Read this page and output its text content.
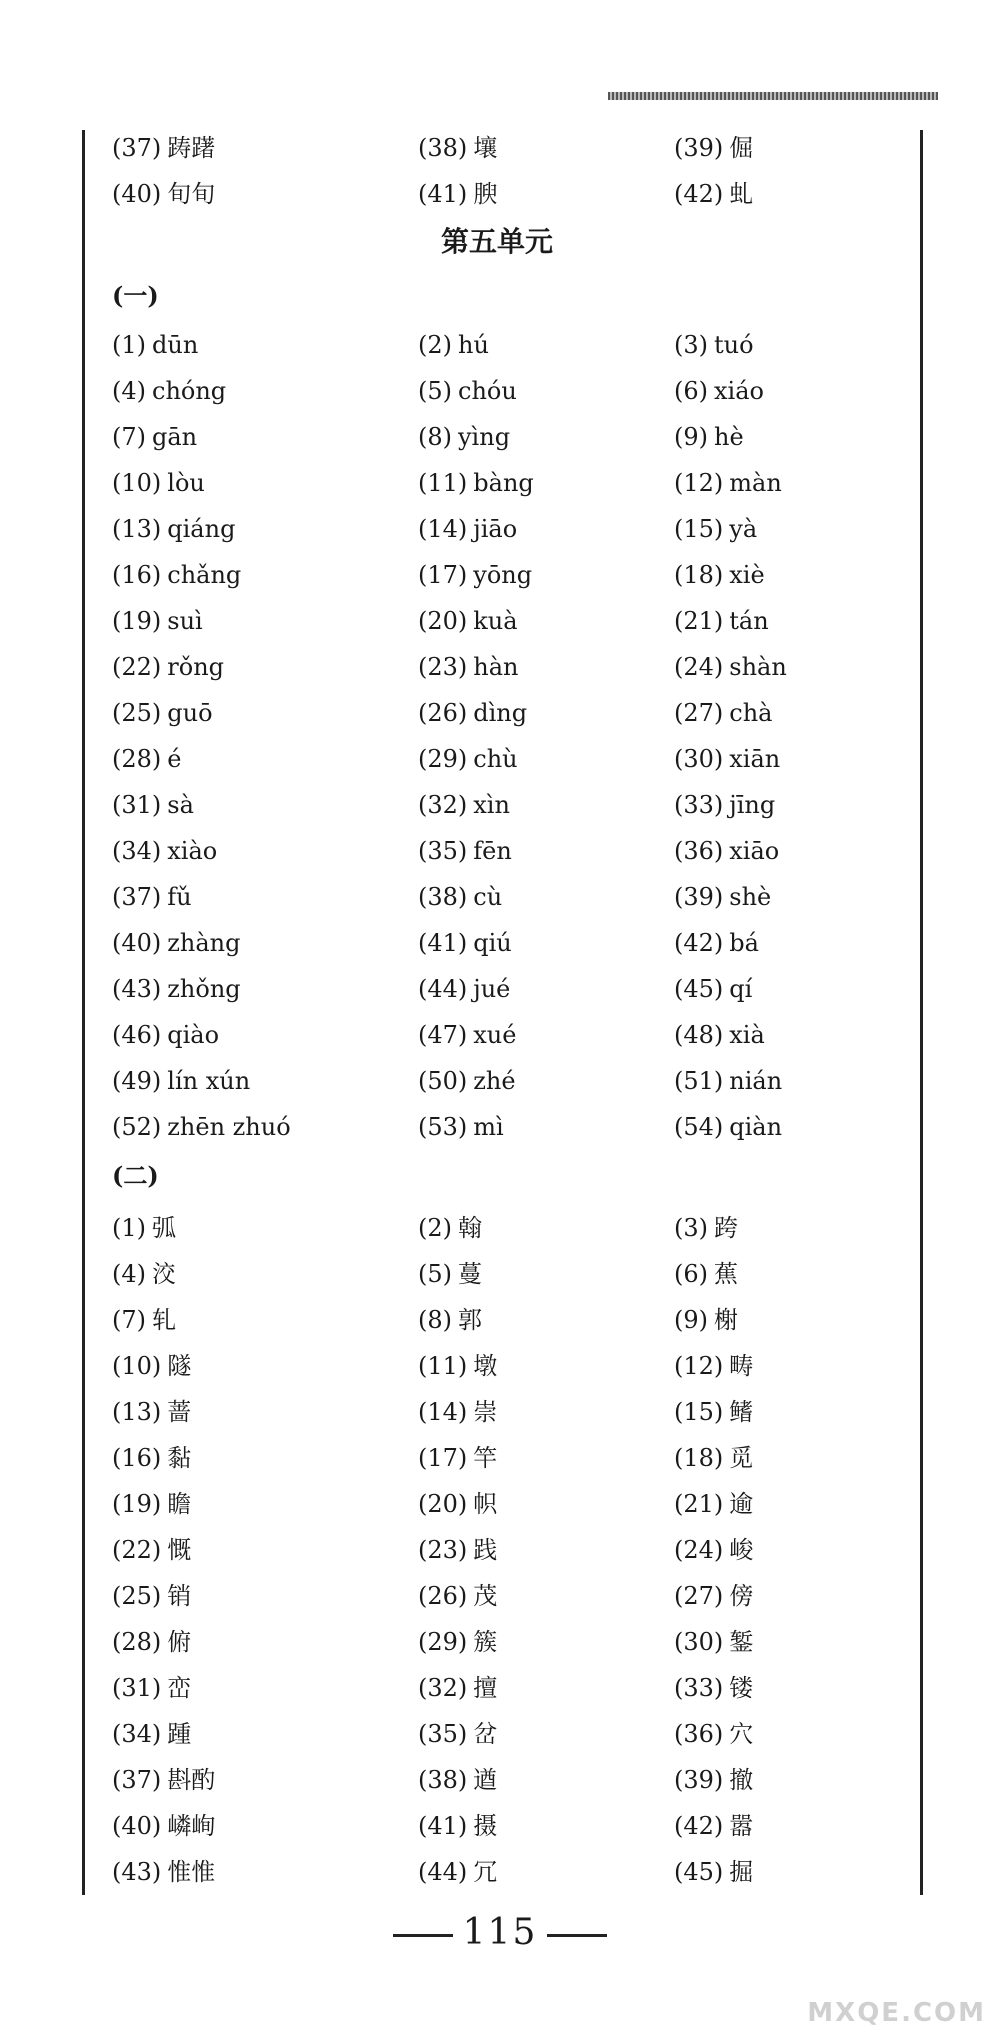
(37) 踌躇	(38) 壤	(39) 倔
(40) 旬旬	(41) 腴	(42) 虬
第五单元
(一)
(1) dūn	(2) hú	(3) tuó
(4) chóng	(5) chóu	(6) xiáo
(7) gān	(8) yìng	(9) hè
(10) lòu	(11) bàng	(12) màn
(13) qiáng	(14) jiāo	(15) yà
(16) chǎng	(17) yōng	(18) xiè
(19) suì	(20) kuà	(21) tán
(22) rǒng	(23) hàn	(24) shàn
(25) guō	(26) dìng	(27) chà
(28) é	(29) chù	(30) xiān
(31) sà	(32) xìn	(33) jīng
(34) xiào	(35) fēn	(36) xiāo
(37) fǔ	(38) cù	(39) shè
(40) zhàng	(41) qiú	(42) bá
(43) zhǒng	(44) jué	(45) qí
(46) qiào	(47) xué	(48) xià
(49) lín xún	(50) zhé	(51) nián
(52) zhēn zhuó	(53) mì	(54) qiàn
(二)
(1) 弧	(2) 翰	(3) 跨
(4) 洨	(5) 蔓	(6) 蕉
(7) 轧	(8) 郭	(9) 榭
(10) 隧	(11) 墩	(12) 畴
(13) 蔷	(14) 崇	(15) 鳍
(16) 黏	(17) 竿	(18) 觅
(19) 瞻	(20) 帜	(21) 逾
(22) 慨	(23) 践	(24) 峻
(25) 销	(26) 茂	(27) 傍
(28) 俯	(29) 簇	(30) 錾
(31) 峦	(32) 擅	(33) 镂
(34) 踵	(35) 岔	(36) 穴
(37) 斟酌	(38) 遒	(39) 撤
(40) 嶙峋	(41) 摄	(42) 嚣
(43) 惟惟	(44) 冗	(45) 掘
115
MXQE.COM
